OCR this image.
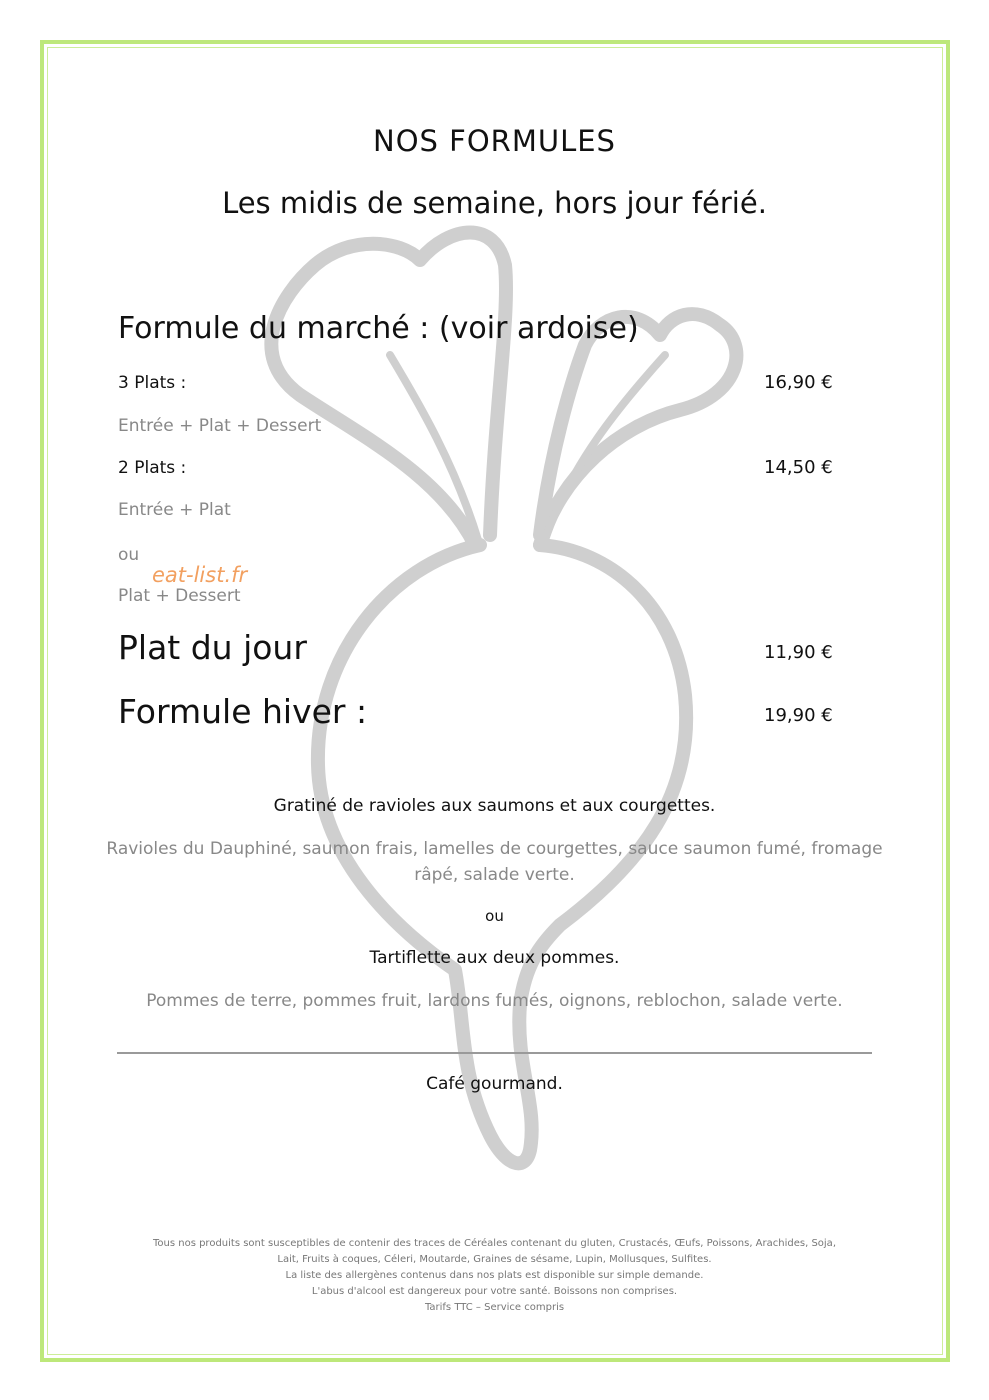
NOS FORMULES
Les midis de semaine, hors jour férié.
Formule du marché : (voir ardoise)
3 Plats :	16,90 €
Entrée + Plat + Dessert
2 Plats :	14,50 €
Entrée + Plat
ou
eat-list.fr
Plat + Dessert
Plat du jour	11,90 €
Formule hiver :	19,90 €
Gratiné de ravioles aux saumons et aux courgettes.
Ravioles du Dauphiné, saumon frais, lamelles de courgettes, sauce saumon fumé, fromage
râpé, salade verte.
ou
Tartiflette aux deux pommes.
Pommes de terre, pommes fruit, lardons fumés, oignons, reblochon, salade verte.
Café gourmand.
Tous nos produits sont susceptibles de contenir des traces de Céréales contenant du gluten, Crustacés, Œufs, Poissons, Arachides, Soja,
Lait, Fruits à coques, Céleri, Moutarde, Graines de sésame, Lupin, Mollusques, Sulfites.
La liste des allergènes contenus dans nos plats est disponible sur simple demande.
L'abus d'alcool est dangereux pour votre santé. Boissons non comprises.
Tarifs TTC – Service compris
